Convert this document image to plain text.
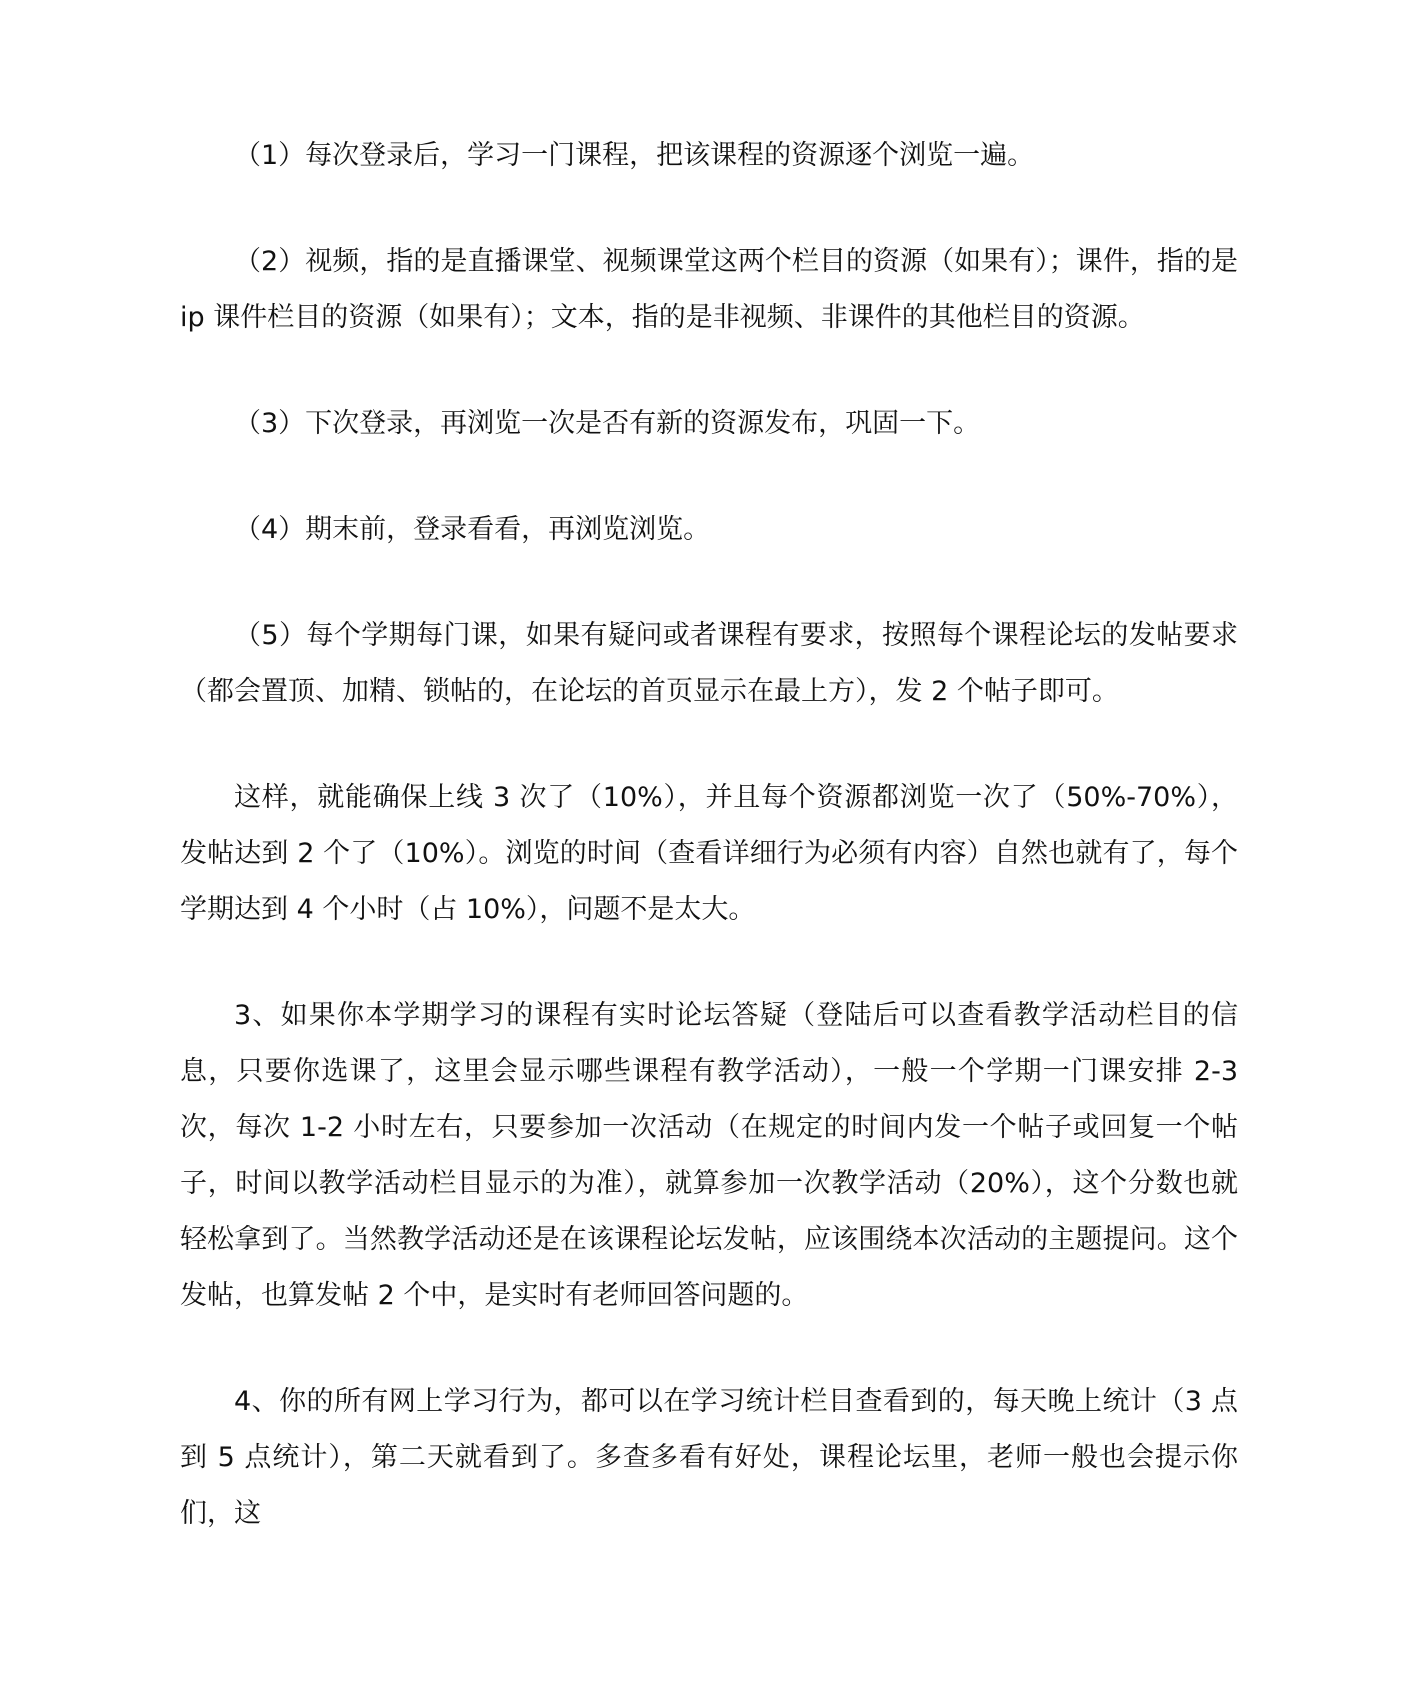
（1）每次登录后，学习一门课程，把该课程的资源逐个浏览一遍。

（2）视频，指的是直播课堂、视频课堂这两个栏目的资源（如果有）；课件，指的是ip 课件栏目的资源（如果有）；文本，指的是非视频、非课件的其他栏目的资源。

（3）下次登录，再浏览一次是否有新的资源发布，巩固一下。

（4）期末前，登录看看，再浏览浏览。

（5）每个学期每门课，如果有疑问或者课程有要求，按照每个课程论坛的发帖要求（都会置顶、加精、锁帖的，在论坛的首页显示在最上方），发 2 个帖子即可。

这样，就能确保上线 3 次了（10%），并且每个资源都浏览一次了（50%-70%），发帖达到 2 个了（10%）。浏览的时间（查看详细行为必须有内容）自然也就有了，每个学期达到 4 个小时（占 10%），问题不是太大。

3、如果你本学期学习的课程有实时论坛答疑（登陆后可以查看教学活动栏目的信息，只要你选课了，这里会显示哪些课程有教学活动），一般一个学期一门课安排 2-3 次，每次 1-2 小时左右，只要参加一次活动（在规定的时间内发一个帖子或回复一个帖子，时间以教学活动栏目显示的为准），就算参加一次教学活动（20%），这个分数也就轻松拿到了。当然教学活动还是在该课程论坛发帖，应该围绕本次活动的主题提问。这个发帖，也算发帖 2 个中，是实时有老师回答问题的。

4、你的所有网上学习行为，都可以在学习统计栏目查看到的，每天晚上统计（3 点到 5 点统计），第二天就看到了。多查多看有好处，课程论坛里，老师一般也会提示你们，这
